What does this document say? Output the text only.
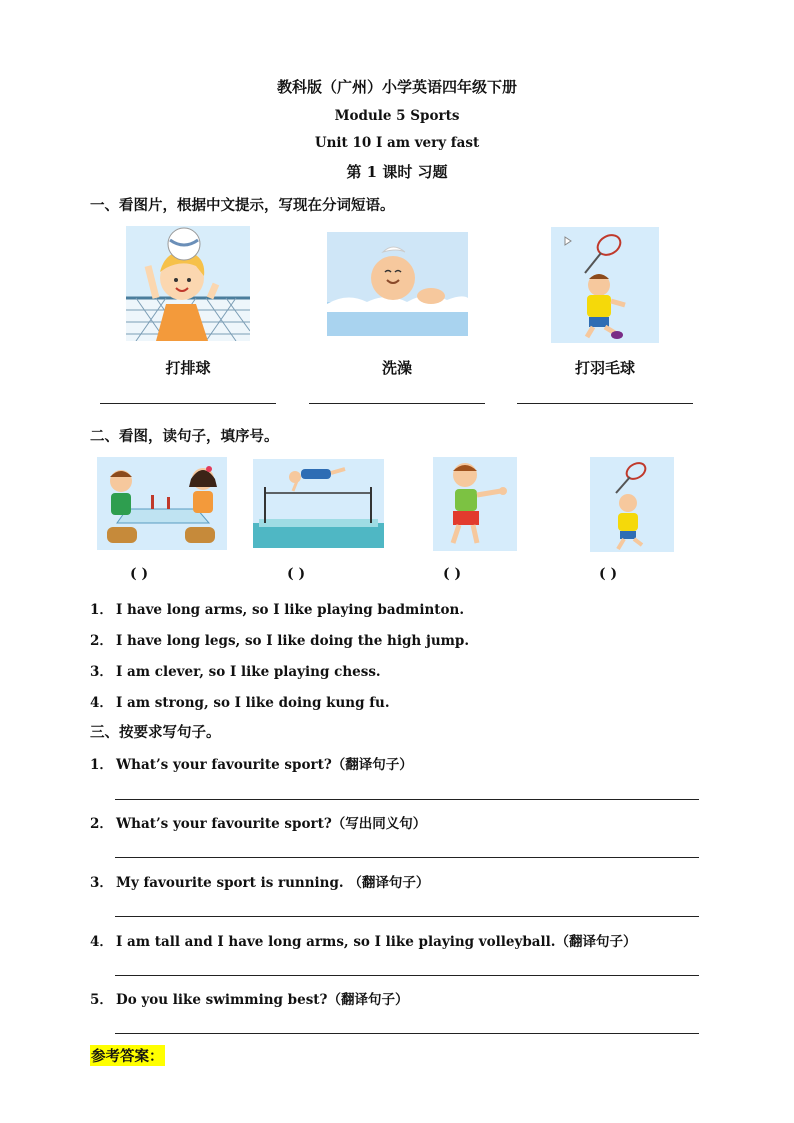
教科版（广州）小学英语四年级下册
Module 5 Sports
Unit 10 I am very fast
第 1 课时 习题
一、看图片，根据中文提示，写现在分词短语。
打排球	洗澡	打羽毛球
二、看图，读句子，填序号。
( )	( )	( )	( )
1． I have long arms, so I like playing badminton.
2． I have long legs, so I like doing the high jump.
3． I am clever, so I like playing chess.
4． I am strong, so I like doing kung fu.
三、按要求写句子。
1． What’s your favourite sport?（翻译句子）
2． What’s your favourite sport?（写出同义句）
3． My favourite sport is running. （翻译句子）
4． I am tall and I have long arms, so I like playing volleyball.（翻译句子）
5． Do you like swimming best?（翻译句子）
参考答案：
